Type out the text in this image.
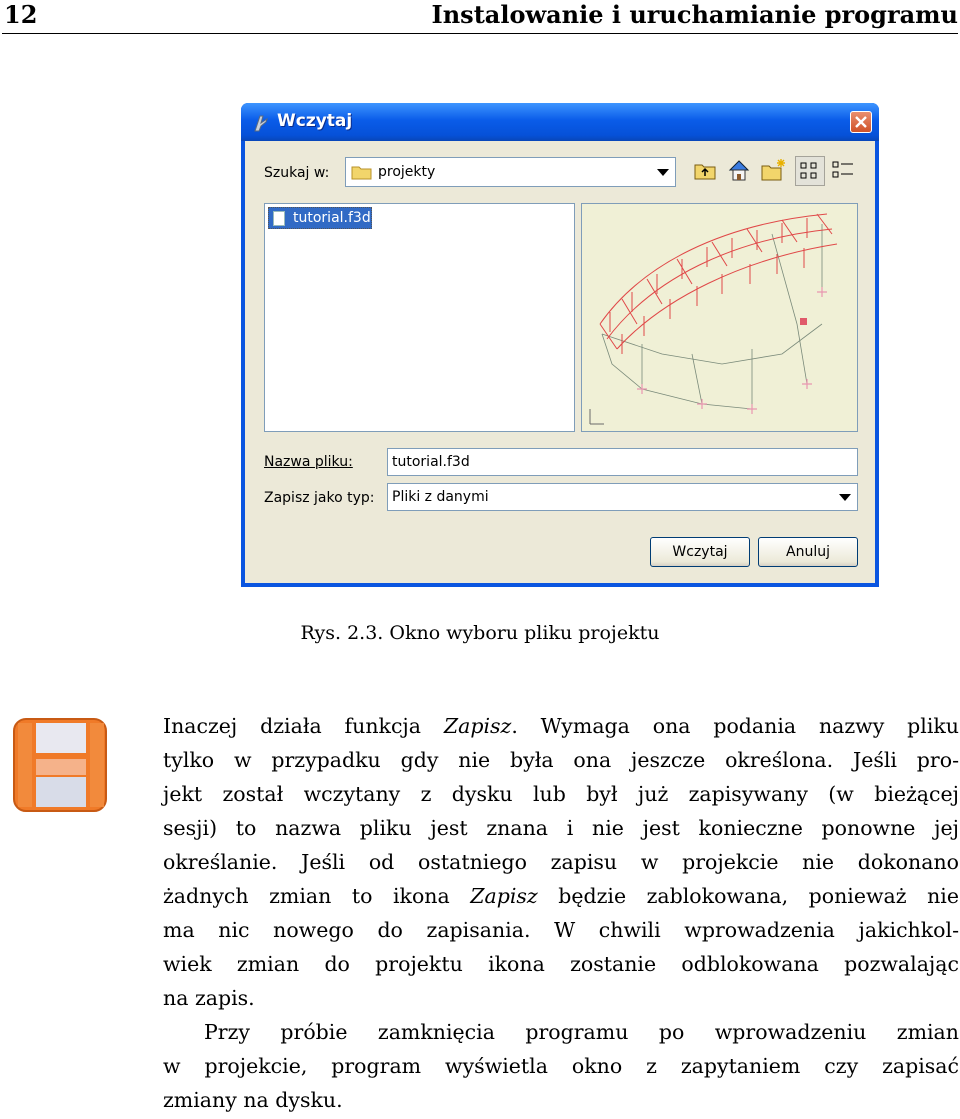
12	Instalowanie i uruchamianie programu
Wczytaj
Szukaj w:	projekty
tutorial.f3d
Nazwa pliku:	tutorial.f3d
Zapisz jako typ: Pliki z danymi
Wczytaj	Anuluj
Rys. 2.3. Okno wyboru pliku projektu
Inaczej działa funkcja Zapisz. Wymaga ona podania nazwy pliku
tylko w przypadku gdy nie była ona jeszcze określona. Jeśli pro-
jekt został wczytany z dysku lub był już zapisywany (w bieżącej
sesji) to nazwa pliku jest znana i nie jest konieczne ponowne jej
określanie. Jeśli od ostatniego zapisu w projekcie nie dokonano
żadnych zmian to ikona Zapisz będzie zablokowana, ponieważ nie
ma nic nowego do zapisania. W chwili wprowadzenia jakichkol-
wiek zmian do projektu ikona zostanie odblokowana pozwalając
na zapis.
Przy próbie zamknięcia programu po wprowadzeniu zmian
w projekcie, program wyświetla okno z zapytaniem czy zapisać
zmiany na dysku.
